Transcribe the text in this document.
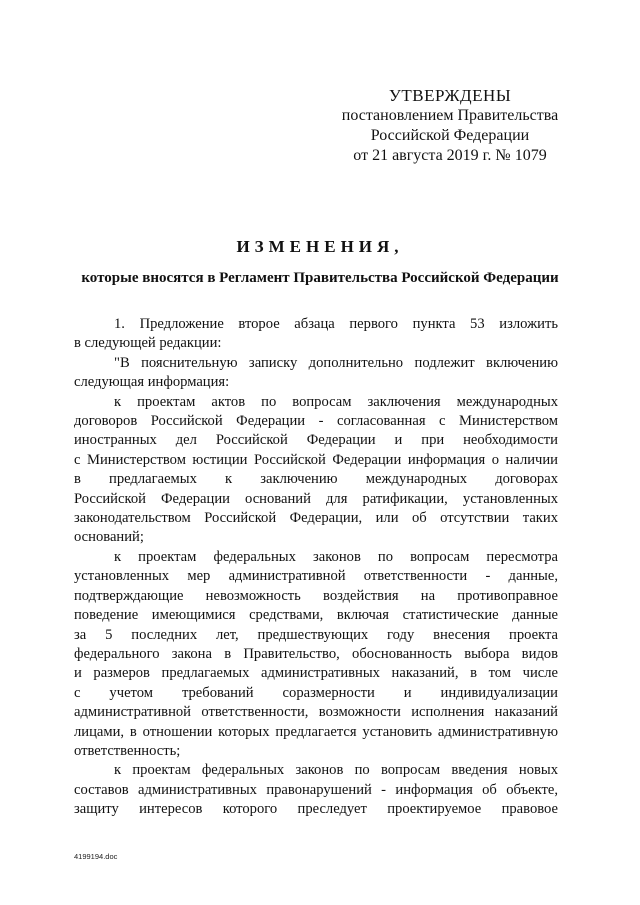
УТВЕРЖДЕНЫ
постановлением Правительства
Российской Федерации
от 21 августа 2019 г. № 1079
ИЗМЕНЕНИЯ,
которые вносятся в Регламент Правительства Российской Федерации

1. Предложение второе абзаца первого пункта 53 изложить

в следующей редакции:

"В пояснительную записку дополнительно подлежит включению

следующая информация:

к проектам актов по вопросам заключения международных

договоров Российской Федерации - согласованная с Министерством

иностранных дел Российской Федерации и при необходимости

с Министерством юстиции Российской Федерации информация о наличии

в предлагаемых к заключению международных договорах

Российской Федерации оснований для ратификации, установленных

законодательством Российской Федерации, или об отсутствии таких

оснований;

к проектам федеральных законов по вопросам пересмотра

установленных мер административной ответственности - данные,

подтверждающие невозможность воздействия на противоправное

поведение имеющимися средствами, включая статистические данные

за 5 последних лет, предшествующих году внесения проекта

федерального закона в Правительство, обоснованность выбора видов

и размеров предлагаемых административных наказаний, в том числе

с учетом требований соразмерности и индивидуализации

административной ответственности, возможности исполнения наказаний

лицами, в отношении которых предлагается установить административную

ответственность;

к проектам федеральных законов по вопросам введения новых

составов административных правонарушений - информация об объекте,

защиту интересов которого преследует проектируемое правовое

4199194.doc
